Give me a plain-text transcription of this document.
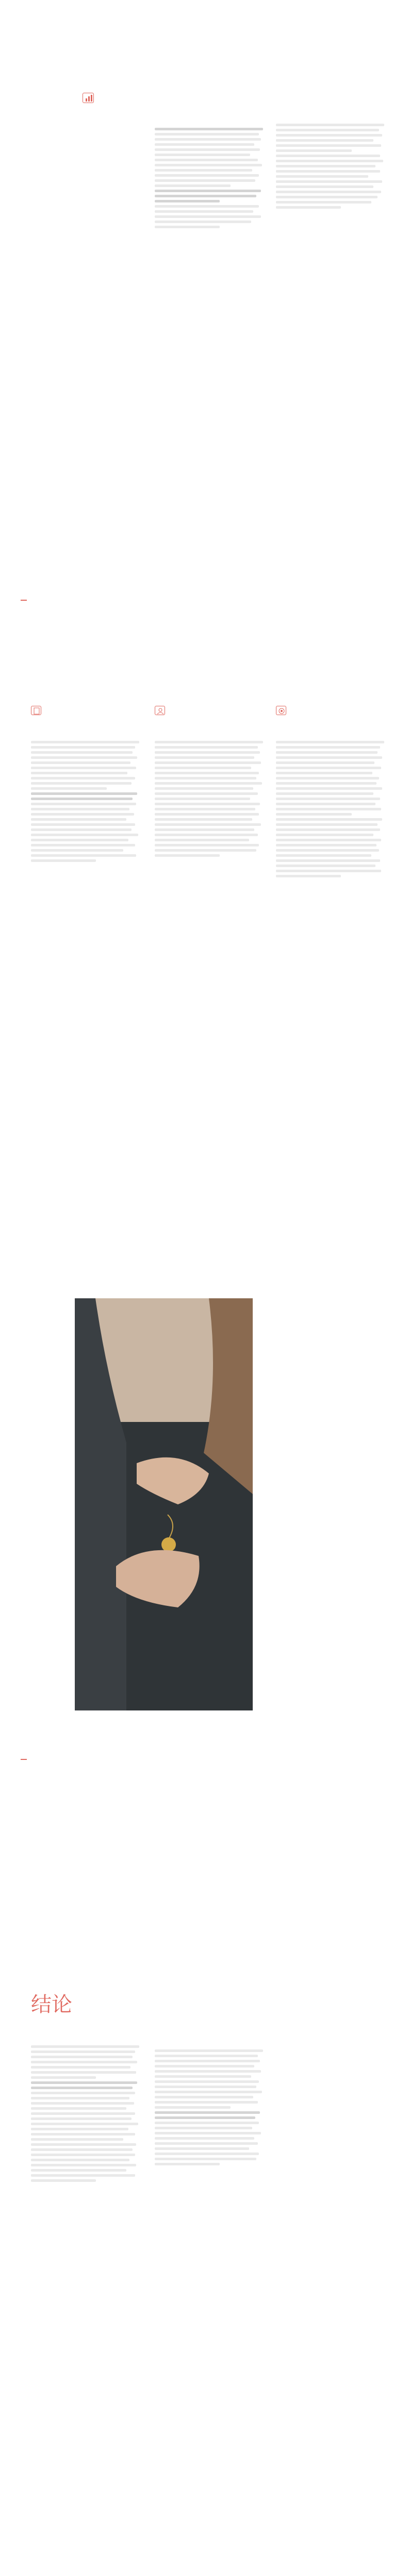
结论
